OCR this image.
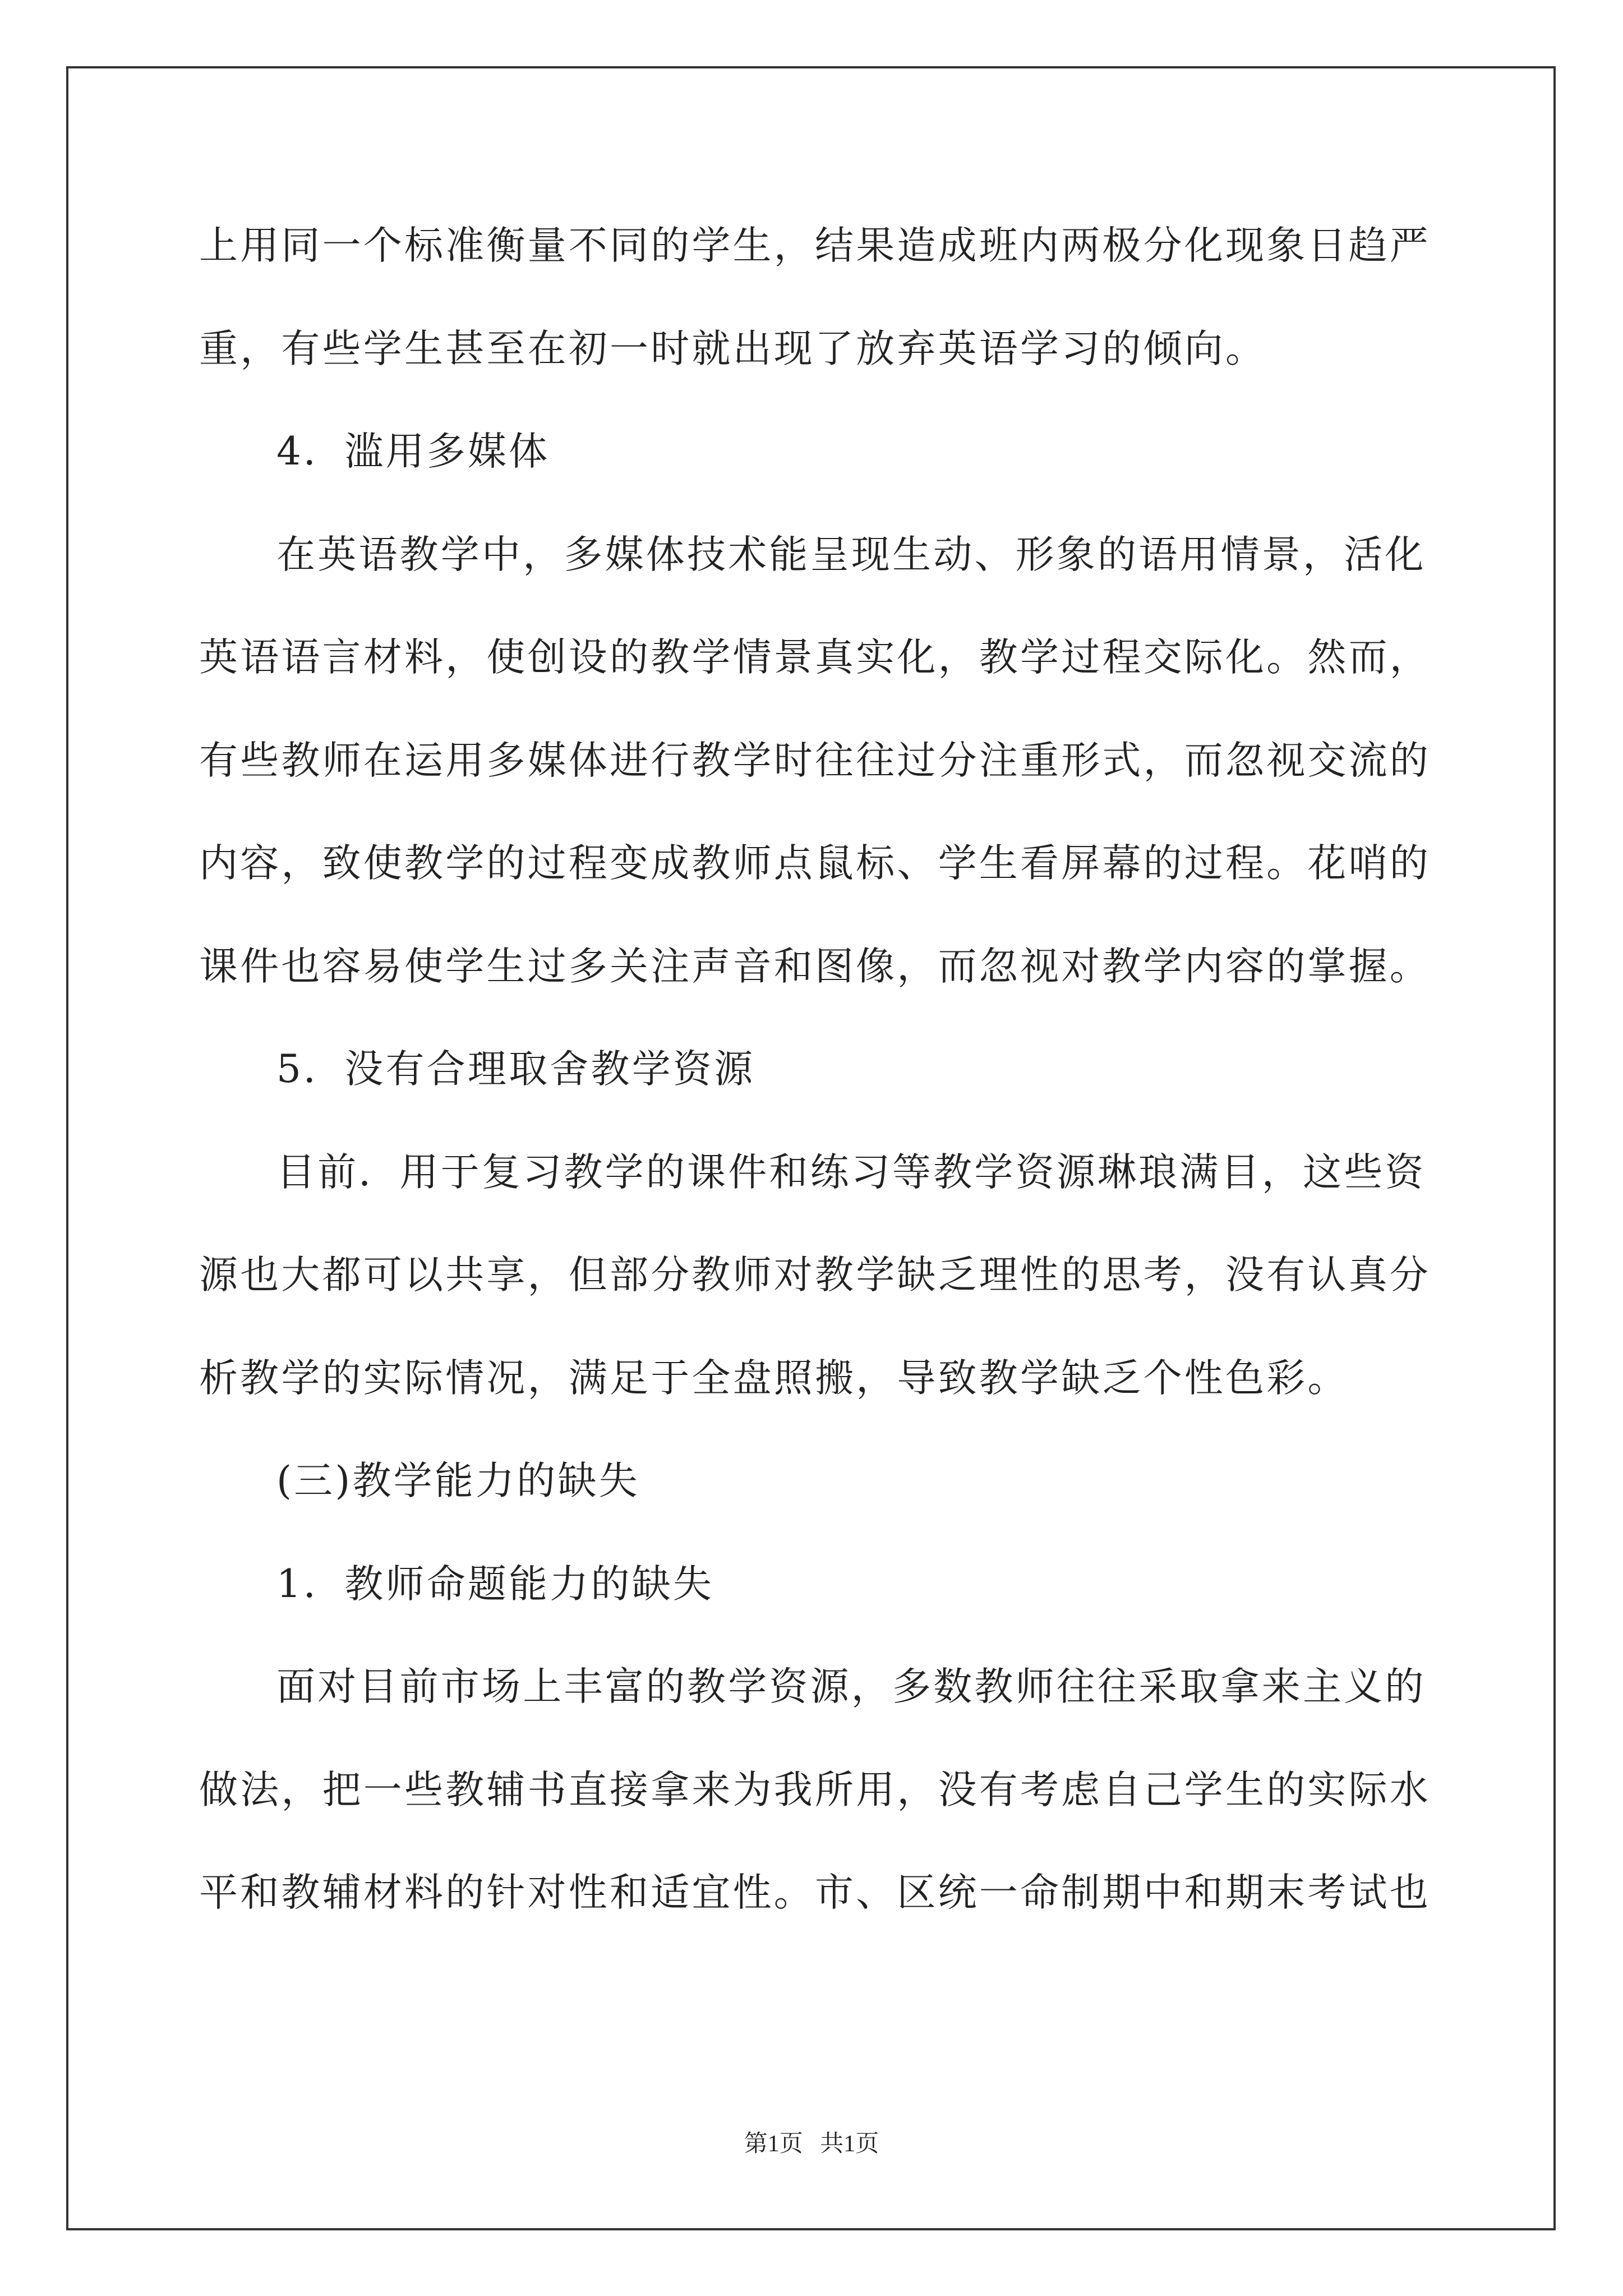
上用同一个标准衡量不同的学生，结果造成班内两极分化现象日趋严
重，有些学生甚至在初一时就出现了放弃英语学习的倾向。
4．滥用多媒体
在英语教学中，多媒体技术能呈现生动、形象的语用情景，活化
英语语言材料，使创设的教学情景真实化，教学过程交际化。然而，
有些教师在运用多媒体进行教学时往往过分注重形式，而忽视交流的
内容，致使教学的过程变成教师点鼠标、学生看屏幕的过程。花哨的
课件也容易使学生过多关注声音和图像，而忽视对教学内容的掌握。
5．没有合理取舍教学资源
目前．用于复习教学的课件和练习等教学资源琳琅满目，这些资
源也大都可以共享，但部分教师对教学缺乏理性的思考，没有认真分
析教学的实际情况，满足于全盘照搬，导致教学缺乏个性色彩。
(三)教学能力的缺失
1．教师命题能力的缺失
面对目前市场上丰富的教学资源，多数教师往往采取拿来主义的
做法，把一些教辅书直接拿来为我所用，没有考虑自己学生的实际水
平和教辅材料的针对性和适宜性。市、区统一命制期中和期末考试也
第1页 共1页
